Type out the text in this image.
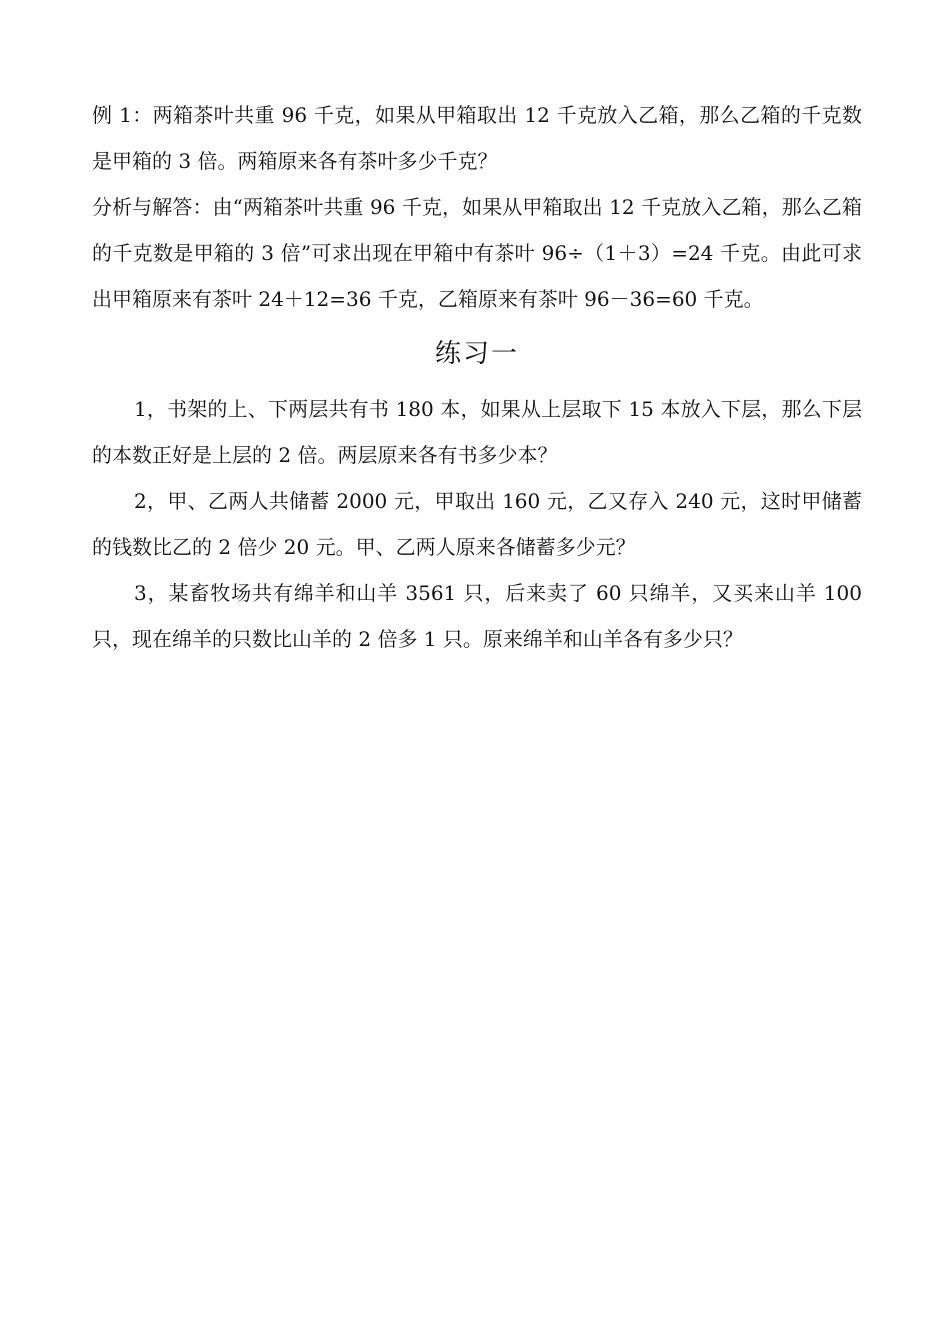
例 1：两箱茶叶共重 96 千克，如果从甲箱取出 12 千克放入乙箱，那么乙箱的千克数是甲箱的 3 倍。两箱原来各有茶叶多少千克？

分析与解答：由“两箱茶叶共重 96 千克，如果从甲箱取出 12 千克放入乙箱，那么乙箱的千克数是甲箱的 3 倍”可求出现在甲箱中有茶叶 96÷（1＋3）=24 千克。由此可求出甲箱原来有茶叶 24＋12=36 千克，乙箱原来有茶叶 96－36=60 千克。

练习一

1，书架的上、下两层共有书 180 本，如果从上层取下 15 本放入下层，那么下层的本数正好是上层的 2 倍。两层原来各有书多少本？

2，甲、乙两人共储蓄 2000 元，甲取出 160 元，乙又存入 240 元，这时甲储蓄的钱数比乙的 2 倍少 20 元。甲、乙两人原来各储蓄多少元？

3，某畜牧场共有绵羊和山羊 3561 只，后来卖了 60 只绵羊，又买来山羊 100 只，现在绵羊的只数比山羊的 2 倍多 1 只。原来绵羊和山羊各有多少只？
